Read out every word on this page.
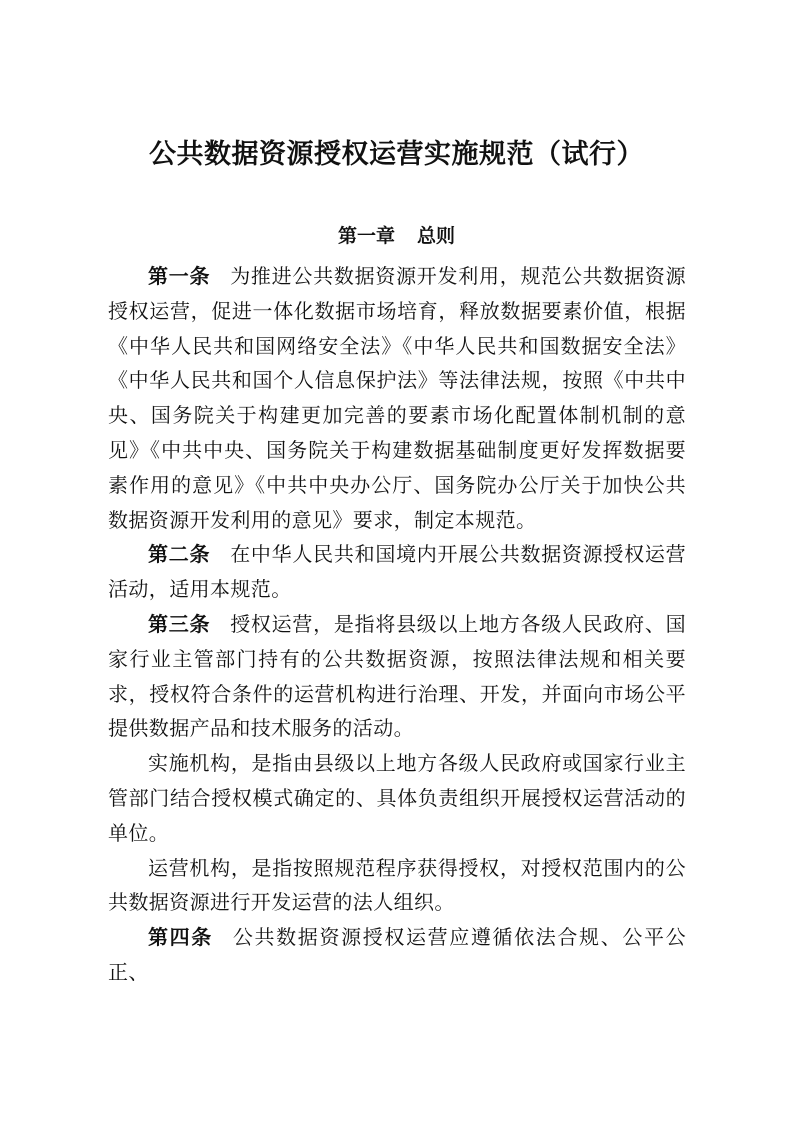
公共数据资源授权运营实施规范（试行）
第一章 总则

第一条 为推进公共数据资源开发利用，规范公共数据资源授权运营，促进一体化数据市场培育，释放数据要素价值，根据《中华人民共和国网络安全法》《中华人民共和国数据安全法》《中华人民共和国个人信息保护法》等法律法规，按照《中共中央、国务院关于构建更加完善的要素市场化配置体制机制的意见》《中共中央、国务院关于构建数据基础制度更好发挥数据要素作用的意见》《中共中央办公厅、国务院办公厅关于加快公共数据资源开发利用的意见》要求，制定本规范。

第二条 在中华人民共和国境内开展公共数据资源授权运营活动，适用本规范。

第三条 授权运营，是指将县级以上地方各级人民政府、国家行业主管部门持有的公共数据资源，按照法律法规和相关要求，授权符合条件的运营机构进行治理、开发，并面向市场公平提供数据产品和技术服务的活动。

实施机构，是指由县级以上地方各级人民政府或国家行业主管部门结合授权模式确定的、具体负责组织开展授权运营活动的单位。

运营机构，是指按照规范程序获得授权，对授权范围内的公共数据资源进行开发运营的法人组织。

第四条 公共数据资源授权运营应遵循依法合规、公平公正、
